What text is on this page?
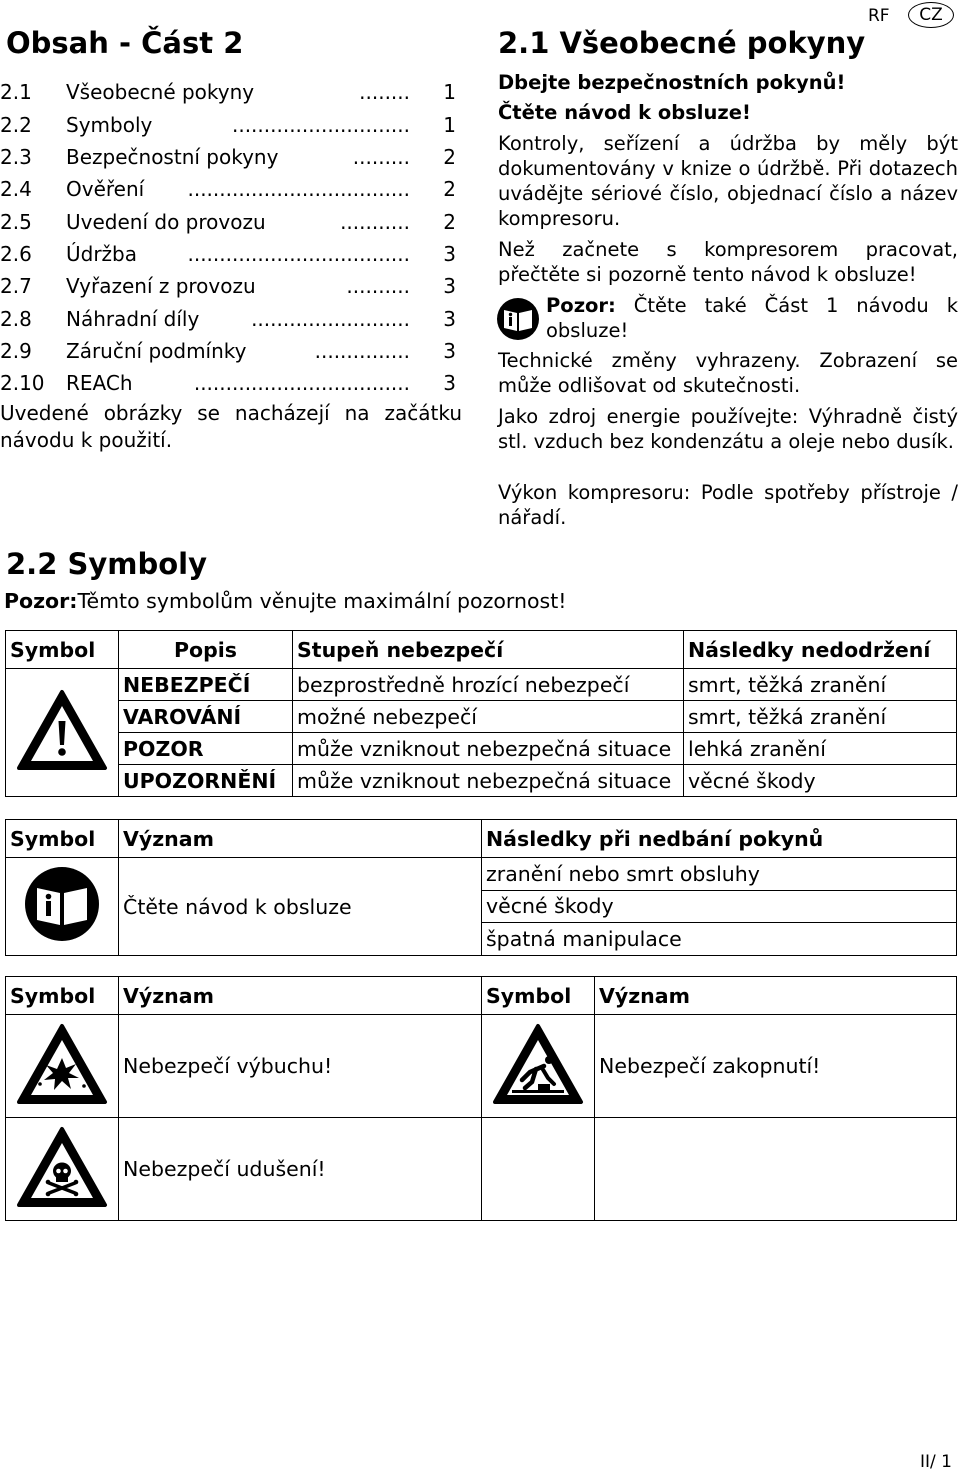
Obsah - Část 2	2.1 Všeobecné pokyny
RF	CZ
2.1 Všeobecné pokyny	........ 1
2.2 Symboly	............................ 1
2.3 Bezpečnostní pokyny	......... 2
2.4 Ověření	................................... 2
2.5 Uvedení do provozu	........... 2
2.6 Údržba	................................... 3
2.7 Vyřazení z provozu	.......... 3
2.8 Náhradní díly	......................... 3
2.9 Záruční podmínky	............... 3
2.10 REACh	.................................. 3
Uvedené obrázky se nacházejí na začátku návodu k použití.
Dbejte bezpečnostních pokynů!
Čtěte návod k obsluze!
Kontroly, seřízení a údržba by měly být dokumentovány v knize o údržbě. Při dotazech uvádějte sériové číslo, objednací číslo a název kompresoru.
Než začnete s kompresorem pracovat, přečtěte si pozorně tento návod k obsluze!
Pozor: Čtěte také Část 1 návodu k obsluze!
Technické změny vyhrazeny. Zobrazení se může odlišovat od skutečnosti.
Jako zdroj energie používejte: Výhradně čistý stl. vzduch bez kondenzátu a oleje nebo dusík.
Výkon kompresoru: Podle spotřeby přístroje / nářadí.
2.2 Symboly
Pozor:Těmto symbolům věnujte maximální pozornost!
Symbol	Popis	Stupeň nebezpečí	Následky nedodržení
	NEBEZPEČÍ	bezprostředně hrozící nebezpečí	smrt, těžká zranění
	VAROVÁNÍ	možné nebezpečí	smrt, těžká zranění
	POZOR	může vzniknout nebezpečná situace	lehká zranění
	UPOZORNĚNÍ	může vzniknout nebezpečná situace	věcné škody
Symbol	Význam	Následky při nedbání pokynů
	Čtěte návod k obsluze	zranění nebo smrt obsluhy
		věcné škody
		špatná manipulace
Symbol	Význam	Symbol	Význam
	Nebezpečí výbuchu!		Nebezpečí zakopnutí!
	Nebezpečí udušení!		
II/ 1
